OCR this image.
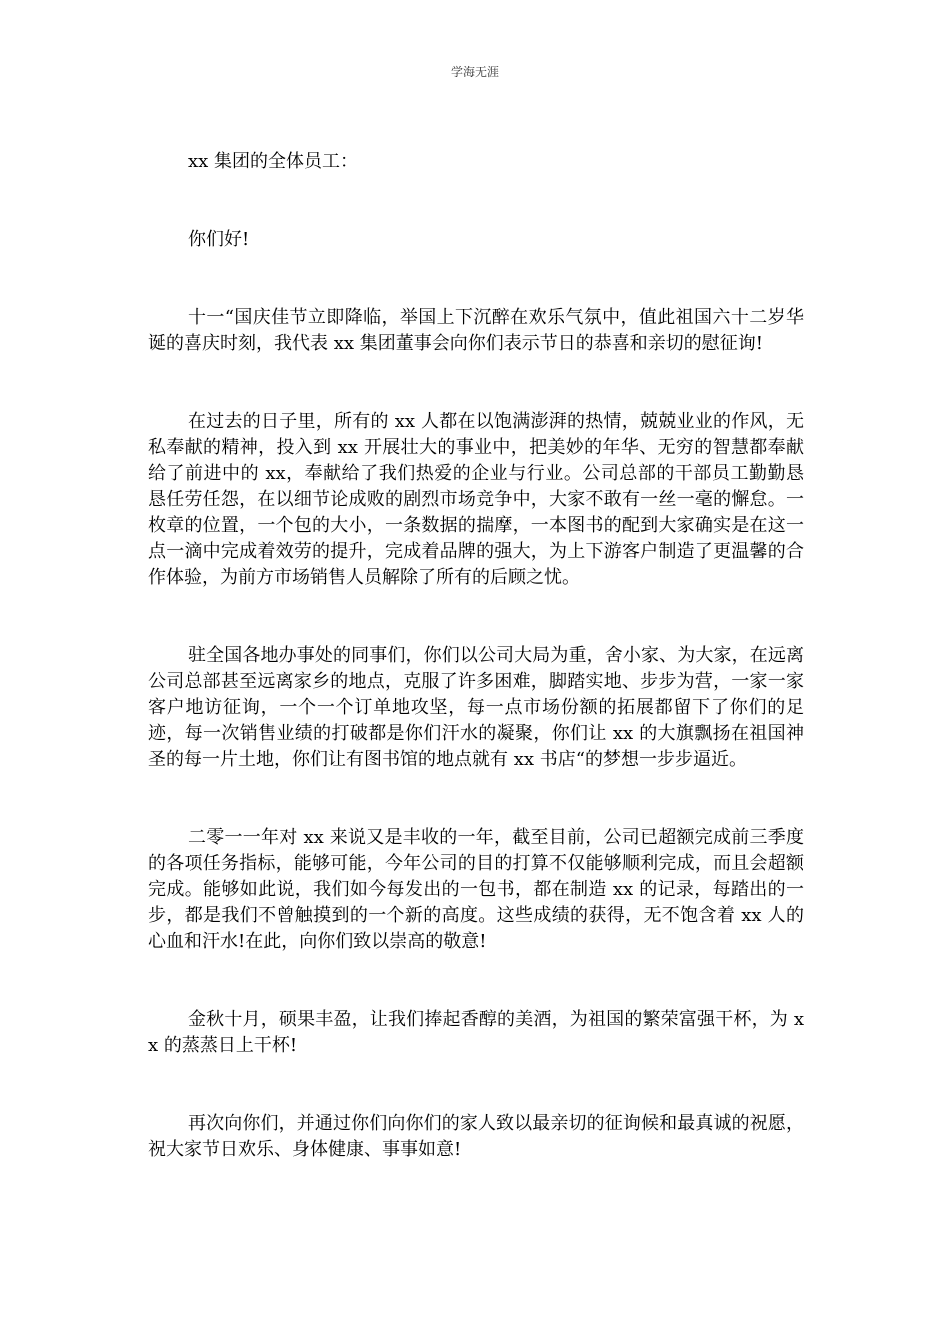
学海无涯

xx 集团的全体员工：

你们好!

十一“国庆佳节立即降临，举国上下沉醉在欢乐气氛中，值此祖国六十二岁华诞的喜庆时刻，我代表 xx 集团董事会向你们表示节日的恭喜和亲切的慰征询!

在过去的日子里，所有的 xx 人都在以饱满澎湃的热情，兢兢业业的作风，无私奉献的精神，投入到 xx 开展壮大的事业中，把美妙的年华、无穷的智慧都奉献给了前进中的 xx，奉献给了我们热爱的企业与行业。公司总部的干部员工勤勤恳恳任劳任怨，在以细节论成败的剧烈市场竞争中，大家不敢有一丝一毫的懈怠。一枚章的位置，一个包的大小，一条数据的揣摩，一本图书的配到大家确实是在这一点一滴中完成着效劳的提升，完成着品牌的强大，为上下游客户制造了更温馨的合作体验，为前方市场销售人员解除了所有的后顾之忧。

驻全国各地办事处的同事们，你们以公司大局为重，舍小家、为大家，在远离公司总部甚至远离家乡的地点，克服了许多困难，脚踏实地、步步为营，一家一家客户地访征询，一个一个订单地攻坚，每一点市场份额的拓展都留下了你们的足迹，每一次销售业绩的打破都是你们汗水的凝聚，你们让 xx 的大旗飘扬在祖国神圣的每一片土地，你们让有图书馆的地点就有 xx 书店“的梦想一步步逼近。

二零一一年对 xx 来说又是丰收的一年，截至目前，公司已超额完成前三季度的各项任务指标，能够可能，今年公司的目的打算不仅能够顺利完成，而且会超额完成。能够如此说，我们如今每发出的一包书，都在制造 xx 的记录，每踏出的一步，都是我们不曾触摸到的一个新的高度。这些成绩的获得，无不饱含着 xx 人的心血和汗水!在此，向你们致以崇高的敬意!

金秋十月，硕果丰盈，让我们捧起香醇的美酒，为祖国的繁荣富强干杯，为 xx 的蒸蒸日上干杯!

再次向你们，并通过你们向你们的家人致以最亲切的征询候和最真诚的祝愿，祝大家节日欢乐、身体健康、事事如意!
